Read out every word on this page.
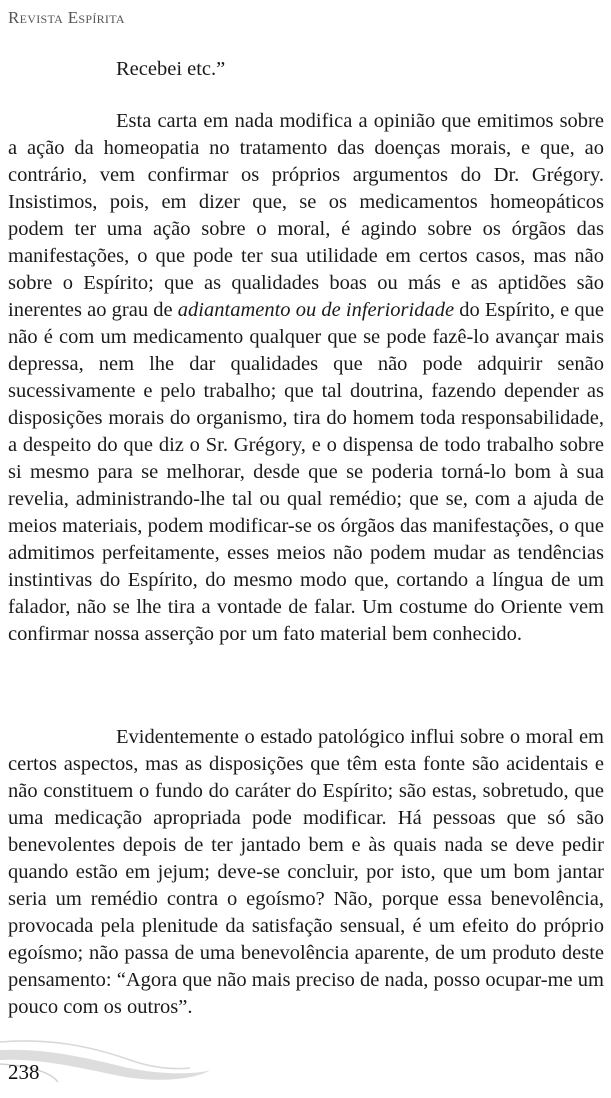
Revista Espírita

Recebei etc.”

Esta carta em nada modifica a opinião que emitimos sobre a ação da homeopatia no tratamento das doenças morais, e que, ao contrário, vem confirmar os próprios argumentos do Dr. Grégory. Insistimos, pois, em dizer que, se os medicamentos homeopáticos podem ter uma ação sobre o moral, é agindo sobre os órgãos das manifestações, o que pode ter sua utilidade em certos casos, mas não sobre o Espírito; que as qualidades boas ou más e as aptidões são inerentes ao grau de adiantamento ou de inferioridade do Espírito, e que não é com um medicamento qualquer que se pode fazê-lo avançar mais depressa, nem lhe dar qualidades que não pode adquirir senão sucessivamente e pelo trabalho; que tal doutrina, fazendo depender as disposições morais do organismo, tira do homem toda responsabilidade, a despeito do que diz o Sr. Grégory, e o dispensa de todo trabalho sobre si mesmo para se melhorar, desde que se poderia torná-lo bom à sua revelia, administrando-lhe tal ou qual remédio; que se, com a ajuda de meios materiais, podem modificar-se os órgãos das manifestações, o que admitimos perfeitamente, esses meios não podem mudar as tendências instintivas do Espírito, do mesmo modo que, cortando a língua de um falador, não se lhe tira a vontade de falar. Um costume do Oriente vem confirmar nossa asserção por um fato material bem conhecido.

Evidentemente o estado patológico influi sobre o moral em certos aspectos, mas as disposições que têm esta fonte são acidentais e não constituem o fundo do caráter do Espírito; são estas, sobretudo, que uma medicação apropriada pode modificar. Há pessoas que só são benevolentes depois de ter jantado bem e às quais nada se deve pedir quando estão em jejum; deve-se concluir, por isto, que um bom jantar seria um remédio contra o egoísmo? Não, porque essa benevolência, provocada pela plenitude da satisfação sensual, é um efeito do próprio egoísmo; não passa de uma benevolência aparente, de um produto deste pensamento: “Agora que não mais preciso de nada, posso ocupar-me um pouco com os outros”.

238
